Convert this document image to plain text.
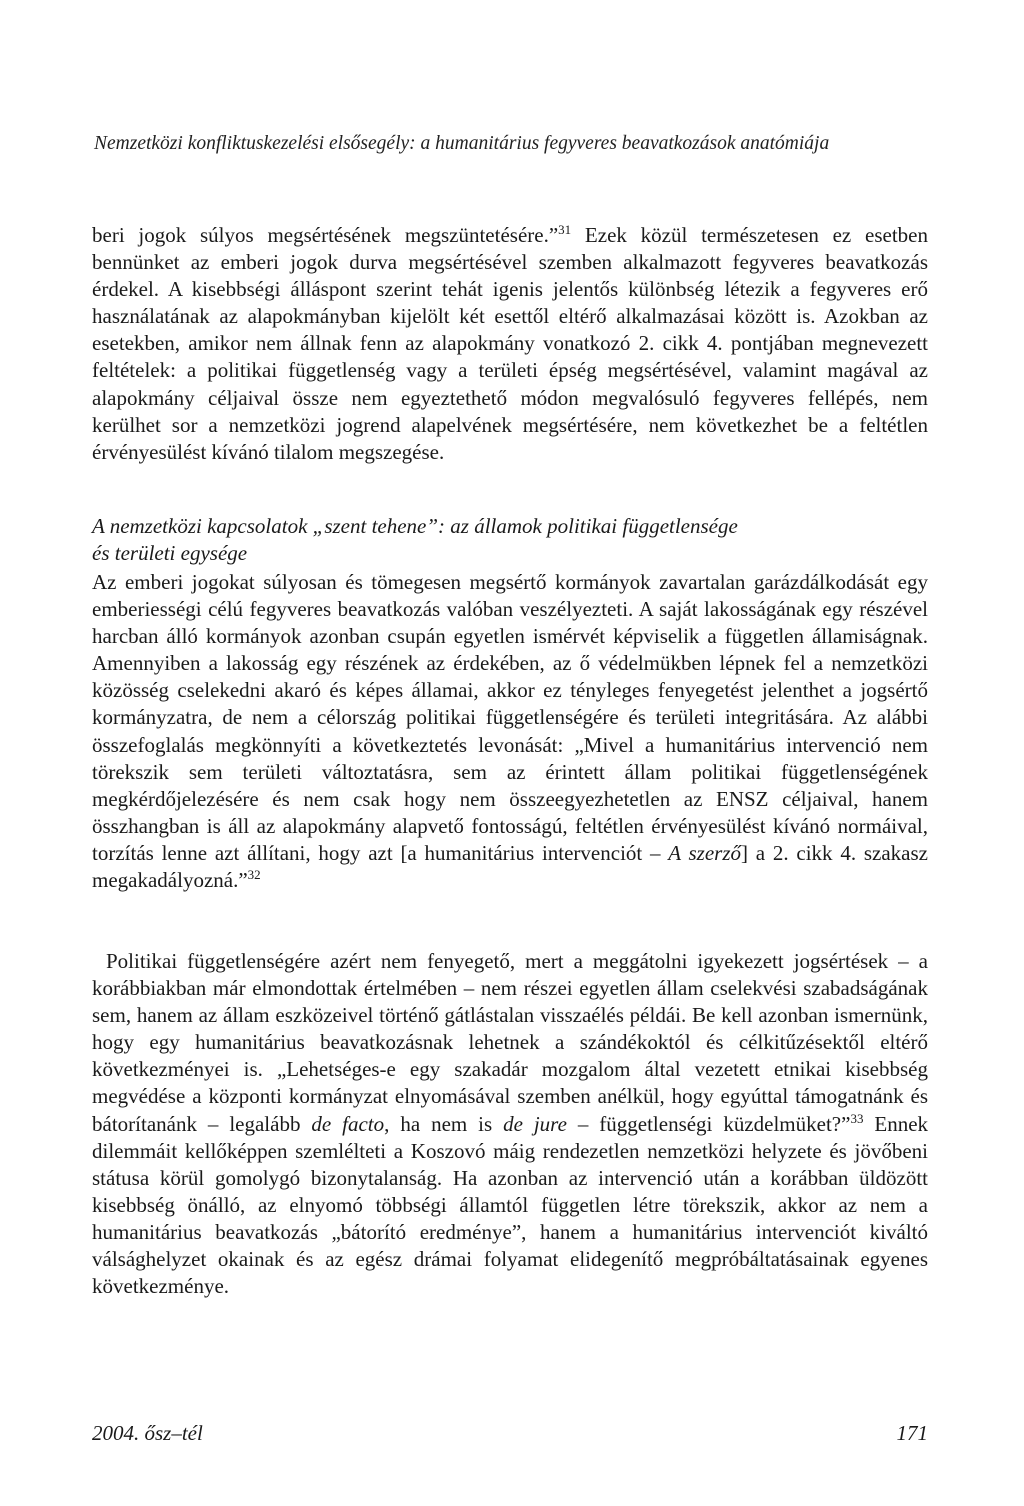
Nemzetközi konfliktuskezelési elsősegély: a humanitárius fegyveres beavatkozások anatómiája

beri jogok súlyos megsértésének megszüntetésére.”$^{31}$ Ezek közül természetesen ez esetben bennünket az emberi jogok durva megsértésével szemben alkalmazott fegyveres beavatkozás érdekel. A kisebbségi álláspont szerint tehát igenis jelentős különbség létezik a fegyveres erő használatának az alapokmányban kijelölt két esettől eltérő alkalmazásai között is. Azokban az esetekben, amikor nem állnak fenn az alapokmány vonatkozó 2. cikk 4. pontjában megnevezett feltételek: a politikai függetlenség vagy a területi épség megsértésével, valamint magával az alapokmány céljaival össze nem egyeztethető módon megvalósuló fegyveres fellépés, nem kerülhet sor a nemzetközi jogrend alapelvének megsértésére, nem következhet be a feltétlen érvényesülést kívánó tilalom megszegése.

A nemzetközi kapcsolatok „szent tehene”: az államok politikai függetlensége
és területi egysége

Az emberi jogokat súlyosan és tömegesen megsértő kormányok zavartalan garázdálkodását egy emberiességi célú fegyveres beavatkozás valóban veszélyezteti. A saját lakosságának egy részével harcban álló kormányok azonban csupán egyetlen ismérvét képviselik a független államiságnak. Amennyiben a lakosság egy részének az érdekében, az ő védelmükben lépnek fel a nemzetközi közösség cselekedni akaró és képes államai, akkor ez tényleges fenyegetést jelenthet a jogsértő kormányzatra, de nem a célország politikai függetlenségére és területi integritására. Az alábbi összefoglalás megkönnyíti a következtetés levonását: „Mivel a humanitárius intervenció nem törekszik sem területi változtatásra, sem az érintett állam politikai függetlenségének megkérdőjelezésére és nem csak hogy nem összeegyezhetetlen az ENSZ céljaival, hanem összhangban is áll az alapokmány alapvető fontosságú, feltétlen érvényesülést kívánó normáival, torzítás lenne azt állítani, hogy azt [a humanitárius intervenciót – A szerző] a 2. cikk 4. szakasz megakadályozná.”$^{32}$

Politikai függetlenségére azért nem fenyegető, mert a meggátolni igyekezett jogsértések – a korábbiakban már elmondottak értelmében – nem részei egyetlen állam cselekvési szabadságának sem, hanem az állam eszközeivel történő gátlástalan visszaélés példái. Be kell azonban ismernünk, hogy egy humanitárius beavatkozásnak lehetnek a szándékoktól és célkitűzésektől eltérő következményei is. „Lehetséges-e egy szakadár mozgalom által vezetett etnikai kisebbség megvédése a központi kormányzat elnyomásával szemben anélkül, hogy egyúttal támogatnánk és bátorítanánk – legalább de facto, ha nem is de jure – függetlenségi küzdelmüket?”$^{33}$ Ennek dilemmáit kellőképpen szemlélteti a Koszovó máig rendezetlen nemzetközi helyzete és jövőbeni státusa körül gomolygó bizonytalanság. Ha azonban az intervenció után a korábban üldözött kisebbség önálló, az elnyomó többségi államtól független létre törekszik, akkor az nem a humanitárius beavatkozás „bátorító eredménye”, hanem a humanitárius intervenciót kiváltó válsághelyzet okainak és az egész drámai folyamat elidegenítő megpróbáltatásainak egyenes következménye.

2004. ősz–tél	171
